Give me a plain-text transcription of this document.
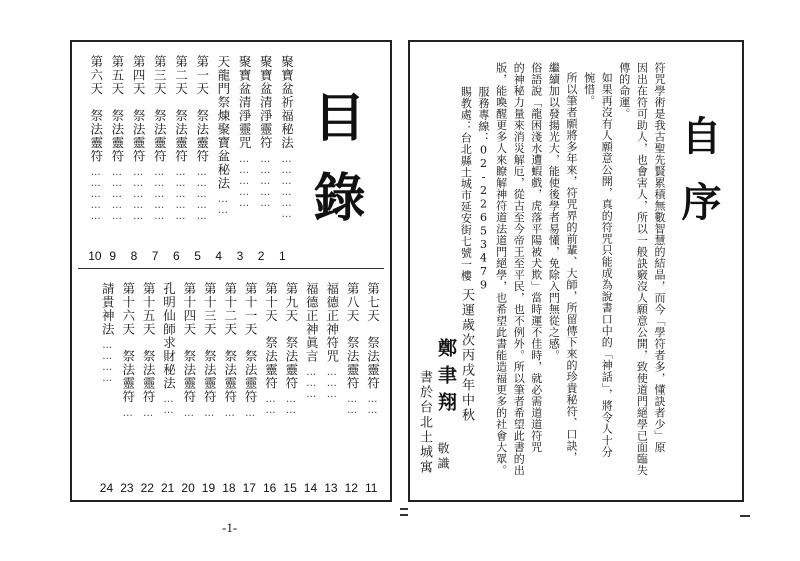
目錄
聚寶盆祈福秘法
………………
1
聚寶盆清淨靈符
……………
2
聚寶盆清淨靈咒
……………
3
天龍門祭煉聚寶盆秘法
……
4
第一天　祭法靈符
……………
5
第二天　祭法靈符
……………
6
第三天　祭法靈符
……………
7
第四天　祭法靈符
……………
8
第五天　祭法靈符
……………
9
第六天　祭法靈符
……………
10
第七天　祭法靈符
……
11
第八天　祭法靈符
……
12
福德正神符咒
………
13
福德正神眞言
………
14
第九天　祭法靈符
……
15
第十天　祭法靈符
……
16
第十一天　祭法靈符
…
17
第十二天　祭法靈符
…
18
第十三天　祭法靈符
…
19
第十四天　祭法靈符
…
20
孔明仙師求財秘法
……
21
第十五天　祭法靈符
…
22
第十六天　祭法靈符
…
23
請貴神法
…………
24
-1-
自序
符咒學術是我古聖先賢累積無數智慧的結晶，而今「學符者多，懂訣者少」原
因出在符可助人，也會害人，所以一般訣竅沒人願意公開，致使道門絕學已面臨失
傳的命運。
如果再沒有人願意公開，真的符咒只能成為說書口中的「神話」，將令人十分
惋惜。
所以筆者願將多年來，符咒界的前輩、大師，所留傳下來的珍貴秘符、口訣，
繼續加以發揚光大，能使後學者易懂，免除入門無從之感。
俗語說「龍困淺水遭蝦戲，虎落平陽被犬欺」當時運不佳時，就必需道道符咒
的神秘力量來消災解厄，從古至今帝王至平民，也不例外。所以筆者希望此書的出
版，能喚醒更多人來瞭解神符道法道門絕學，也希望此書能造福更多的社會大眾。
服務專線：02-22653479
賜教處：台北縣土城市延安街七號一樓
天運歲次丙戌年中秋
鄭聿翔
敬識
書於台北土城寓
